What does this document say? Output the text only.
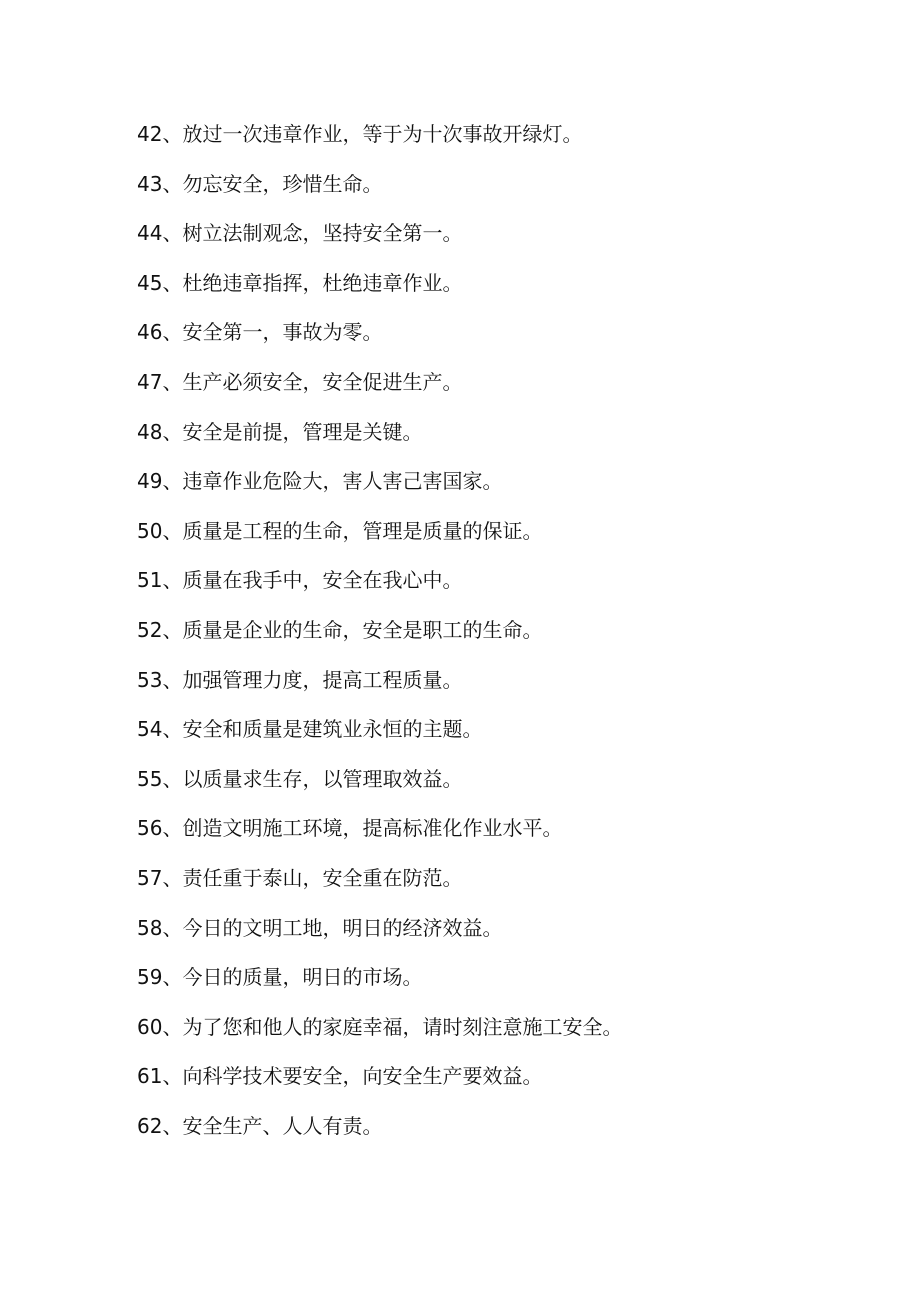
42、放过一次违章作业，等于为十次事故开绿灯。
43、勿忘安全，珍惜生命。
44、树立法制观念，坚持安全第一。
45、杜绝违章指挥，杜绝违章作业。
46、安全第一，事故为零。
47、生产必须安全，安全促进生产。
48、安全是前提，管理是关键。
49、违章作业危险大，害人害己害国家。
50、质量是工程的生命，管理是质量的保证。
51、质量在我手中，安全在我心中。
52、质量是企业的生命，安全是职工的生命。
53、加强管理力度，提高工程质量。
54、安全和质量是建筑业永恒的主题。
55、以质量求生存，以管理取效益。
56、创造文明施工环境，提高标准化作业水平。
57、责任重于泰山，安全重在防范。
58、今日的文明工地，明日的经济效益。
59、今日的质量，明日的市场。
60、为了您和他人的家庭幸福，请时刻注意施工安全。
61、向科学技术要安全，向安全生产要效益。
62、安全生产、人人有责。
